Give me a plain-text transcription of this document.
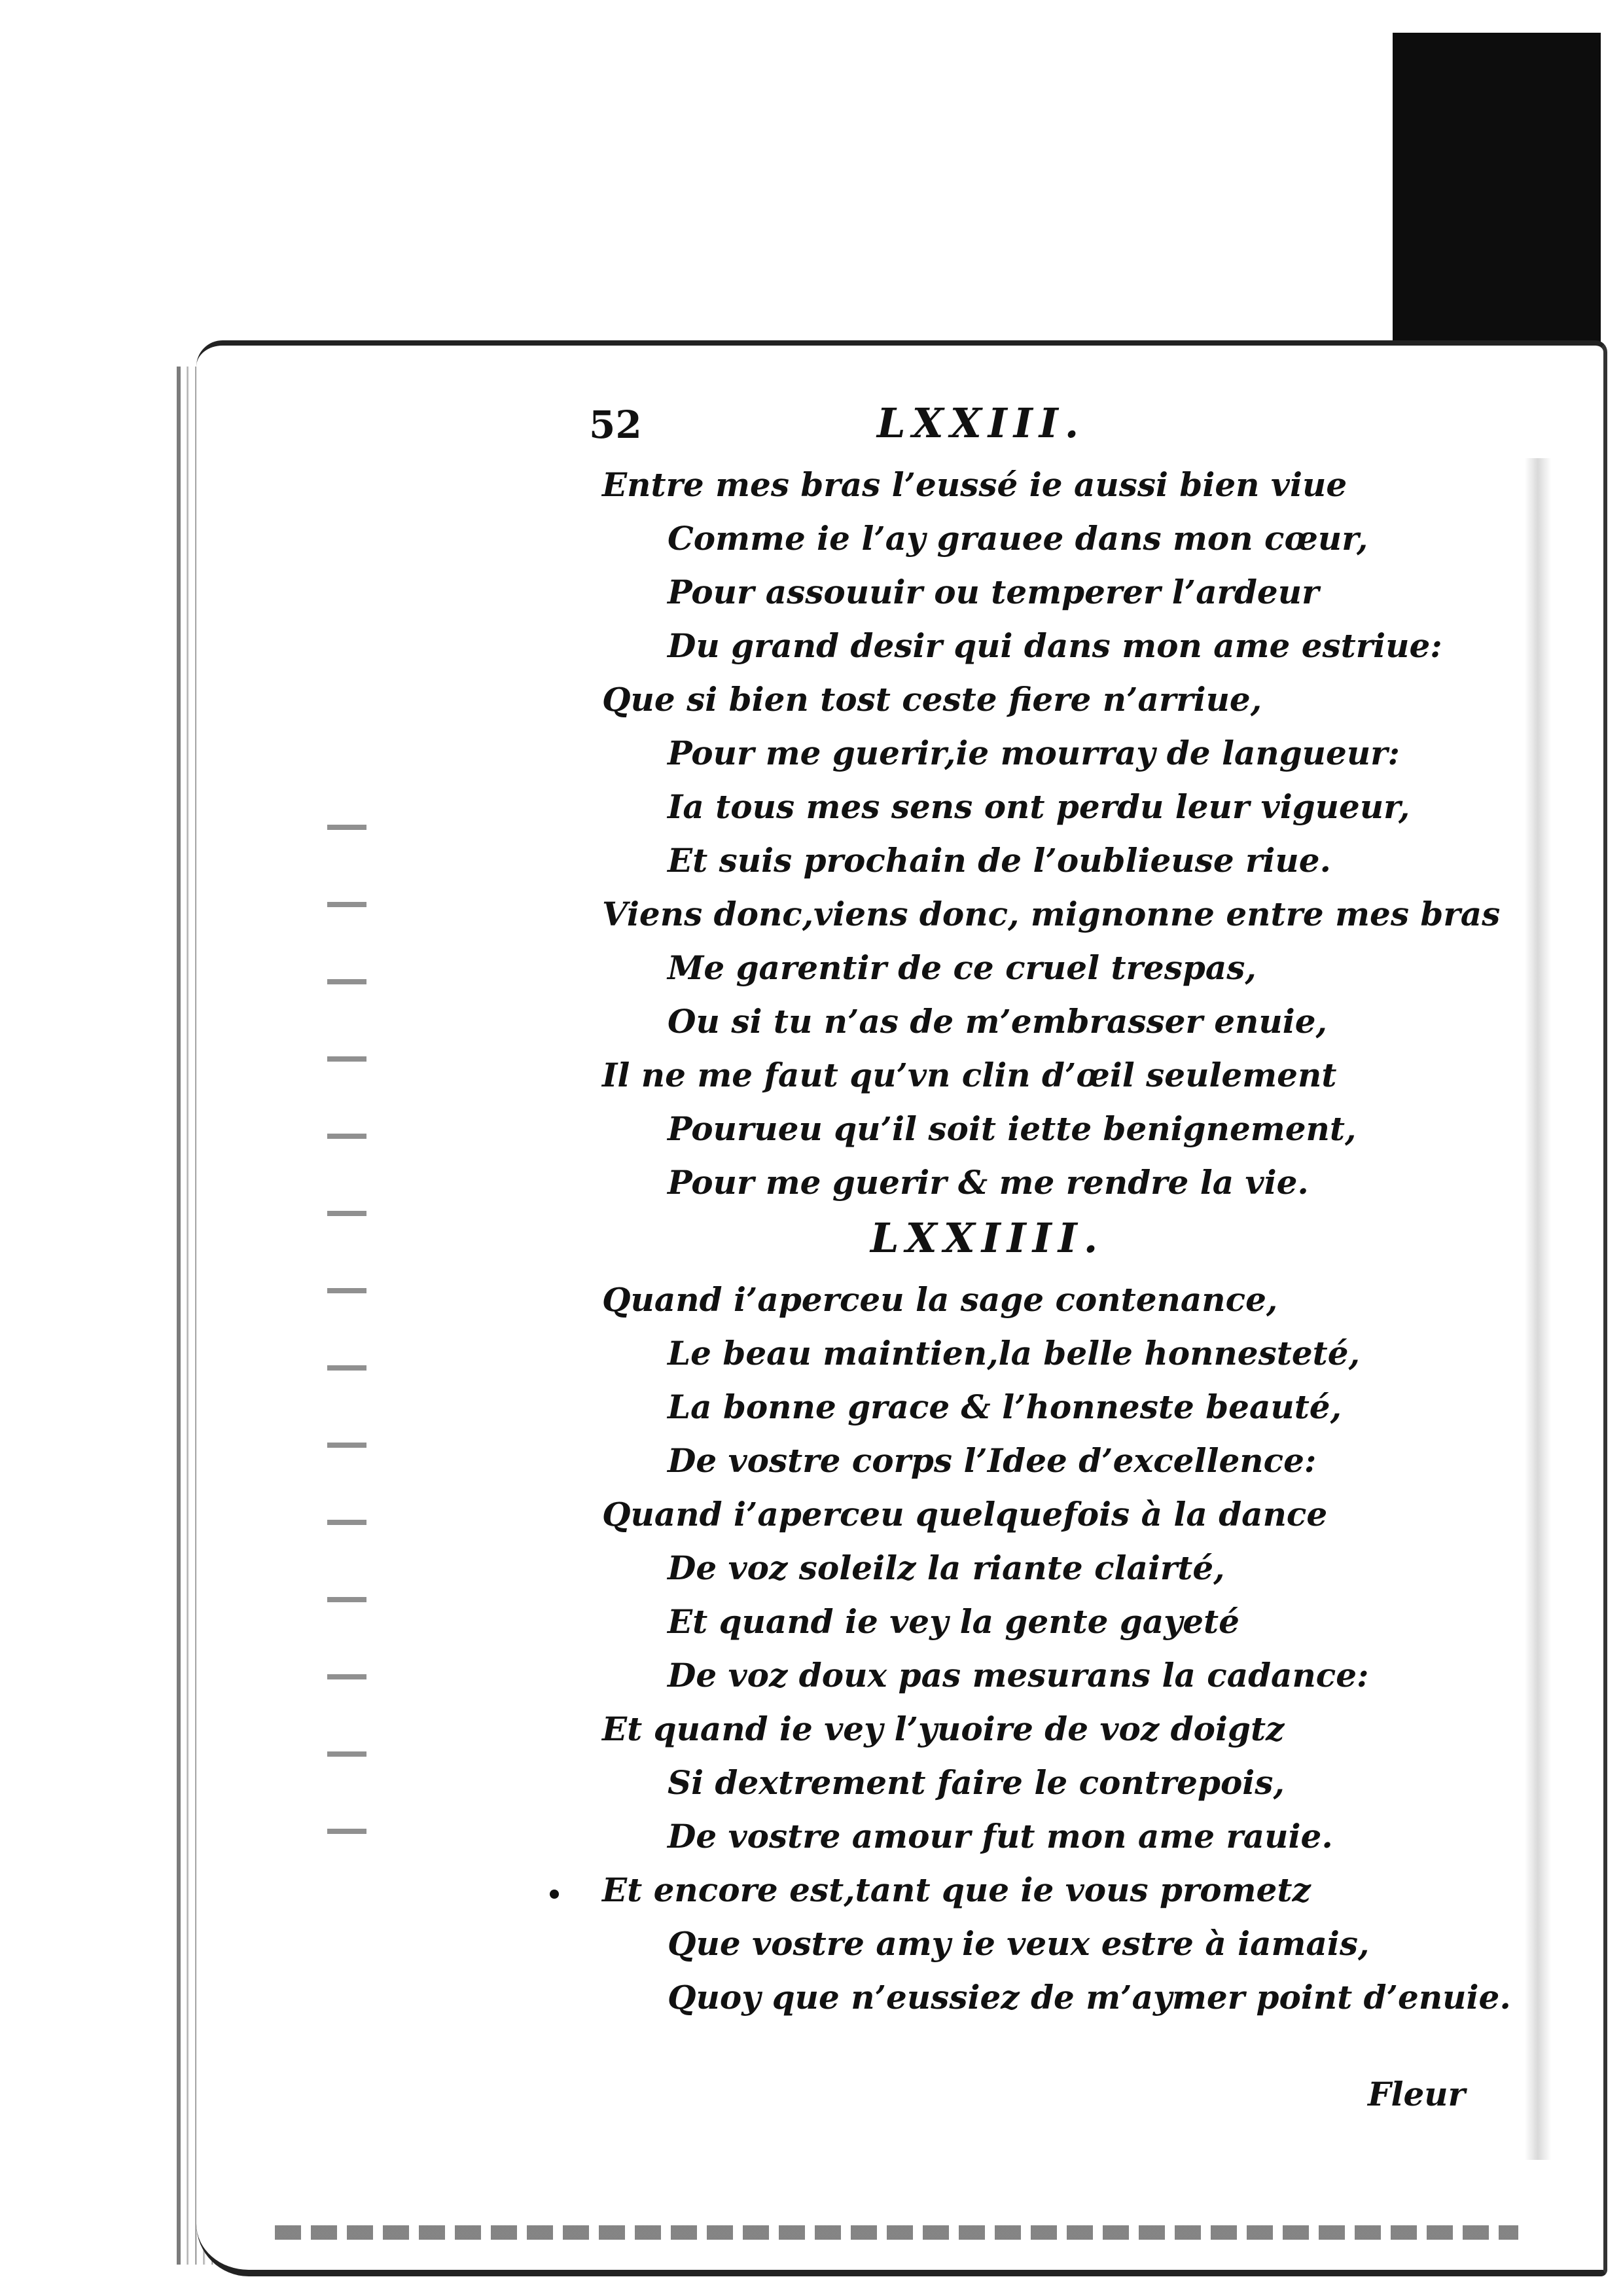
52	LXXIII.
Entre mes bras l’eussé ie aussi bien viue
Comme ie l’ay grauee dans mon cœur,
Pour assouuir ou temperer l’ardeur
Du grand desir qui dans mon ame estriue:
Que si bien tost ceste fiere n’arriue,
Pour me guerir,ie mourray de langueur:
Ia tous mes sens ont perdu leur vigueur,
Et suis prochain de l’oublieuse riue.
Viens donc,viens donc, mignonne entre mes bras
Me garentir de ce cruel trespas,
Ou si tu n’as de m’embrasser enuie,
Il ne me faut qu’vn clin d’œil seulement
Pourueu qu’il soit iette benignement,
Pour me guerir & me rendre la vie.
LXXIIII.
Quand i’aperceu la sage contenance,
Le beau maintien,la belle honnesteté,
La bonne grace & l’honneste beauté,
De vostre corps l’Idee d’excellence:
Quand i’aperceu quelquefois à la dance
De voz soleilz la riante clairté,
Et quand ie vey la gente gayeté
De voz doux pas mesurans la cadance:
Et quand ie vey l’yuoire de voz doigtz
Si dextrement faire le contrepois,
De vostre amour fut mon ame rauie.
Et encore est,tant que ie vous prometz
Que vostre amy ie veux estre à iamais,
Quoy que n’eussiez de m’aymer point d’enuie.
Fleur
